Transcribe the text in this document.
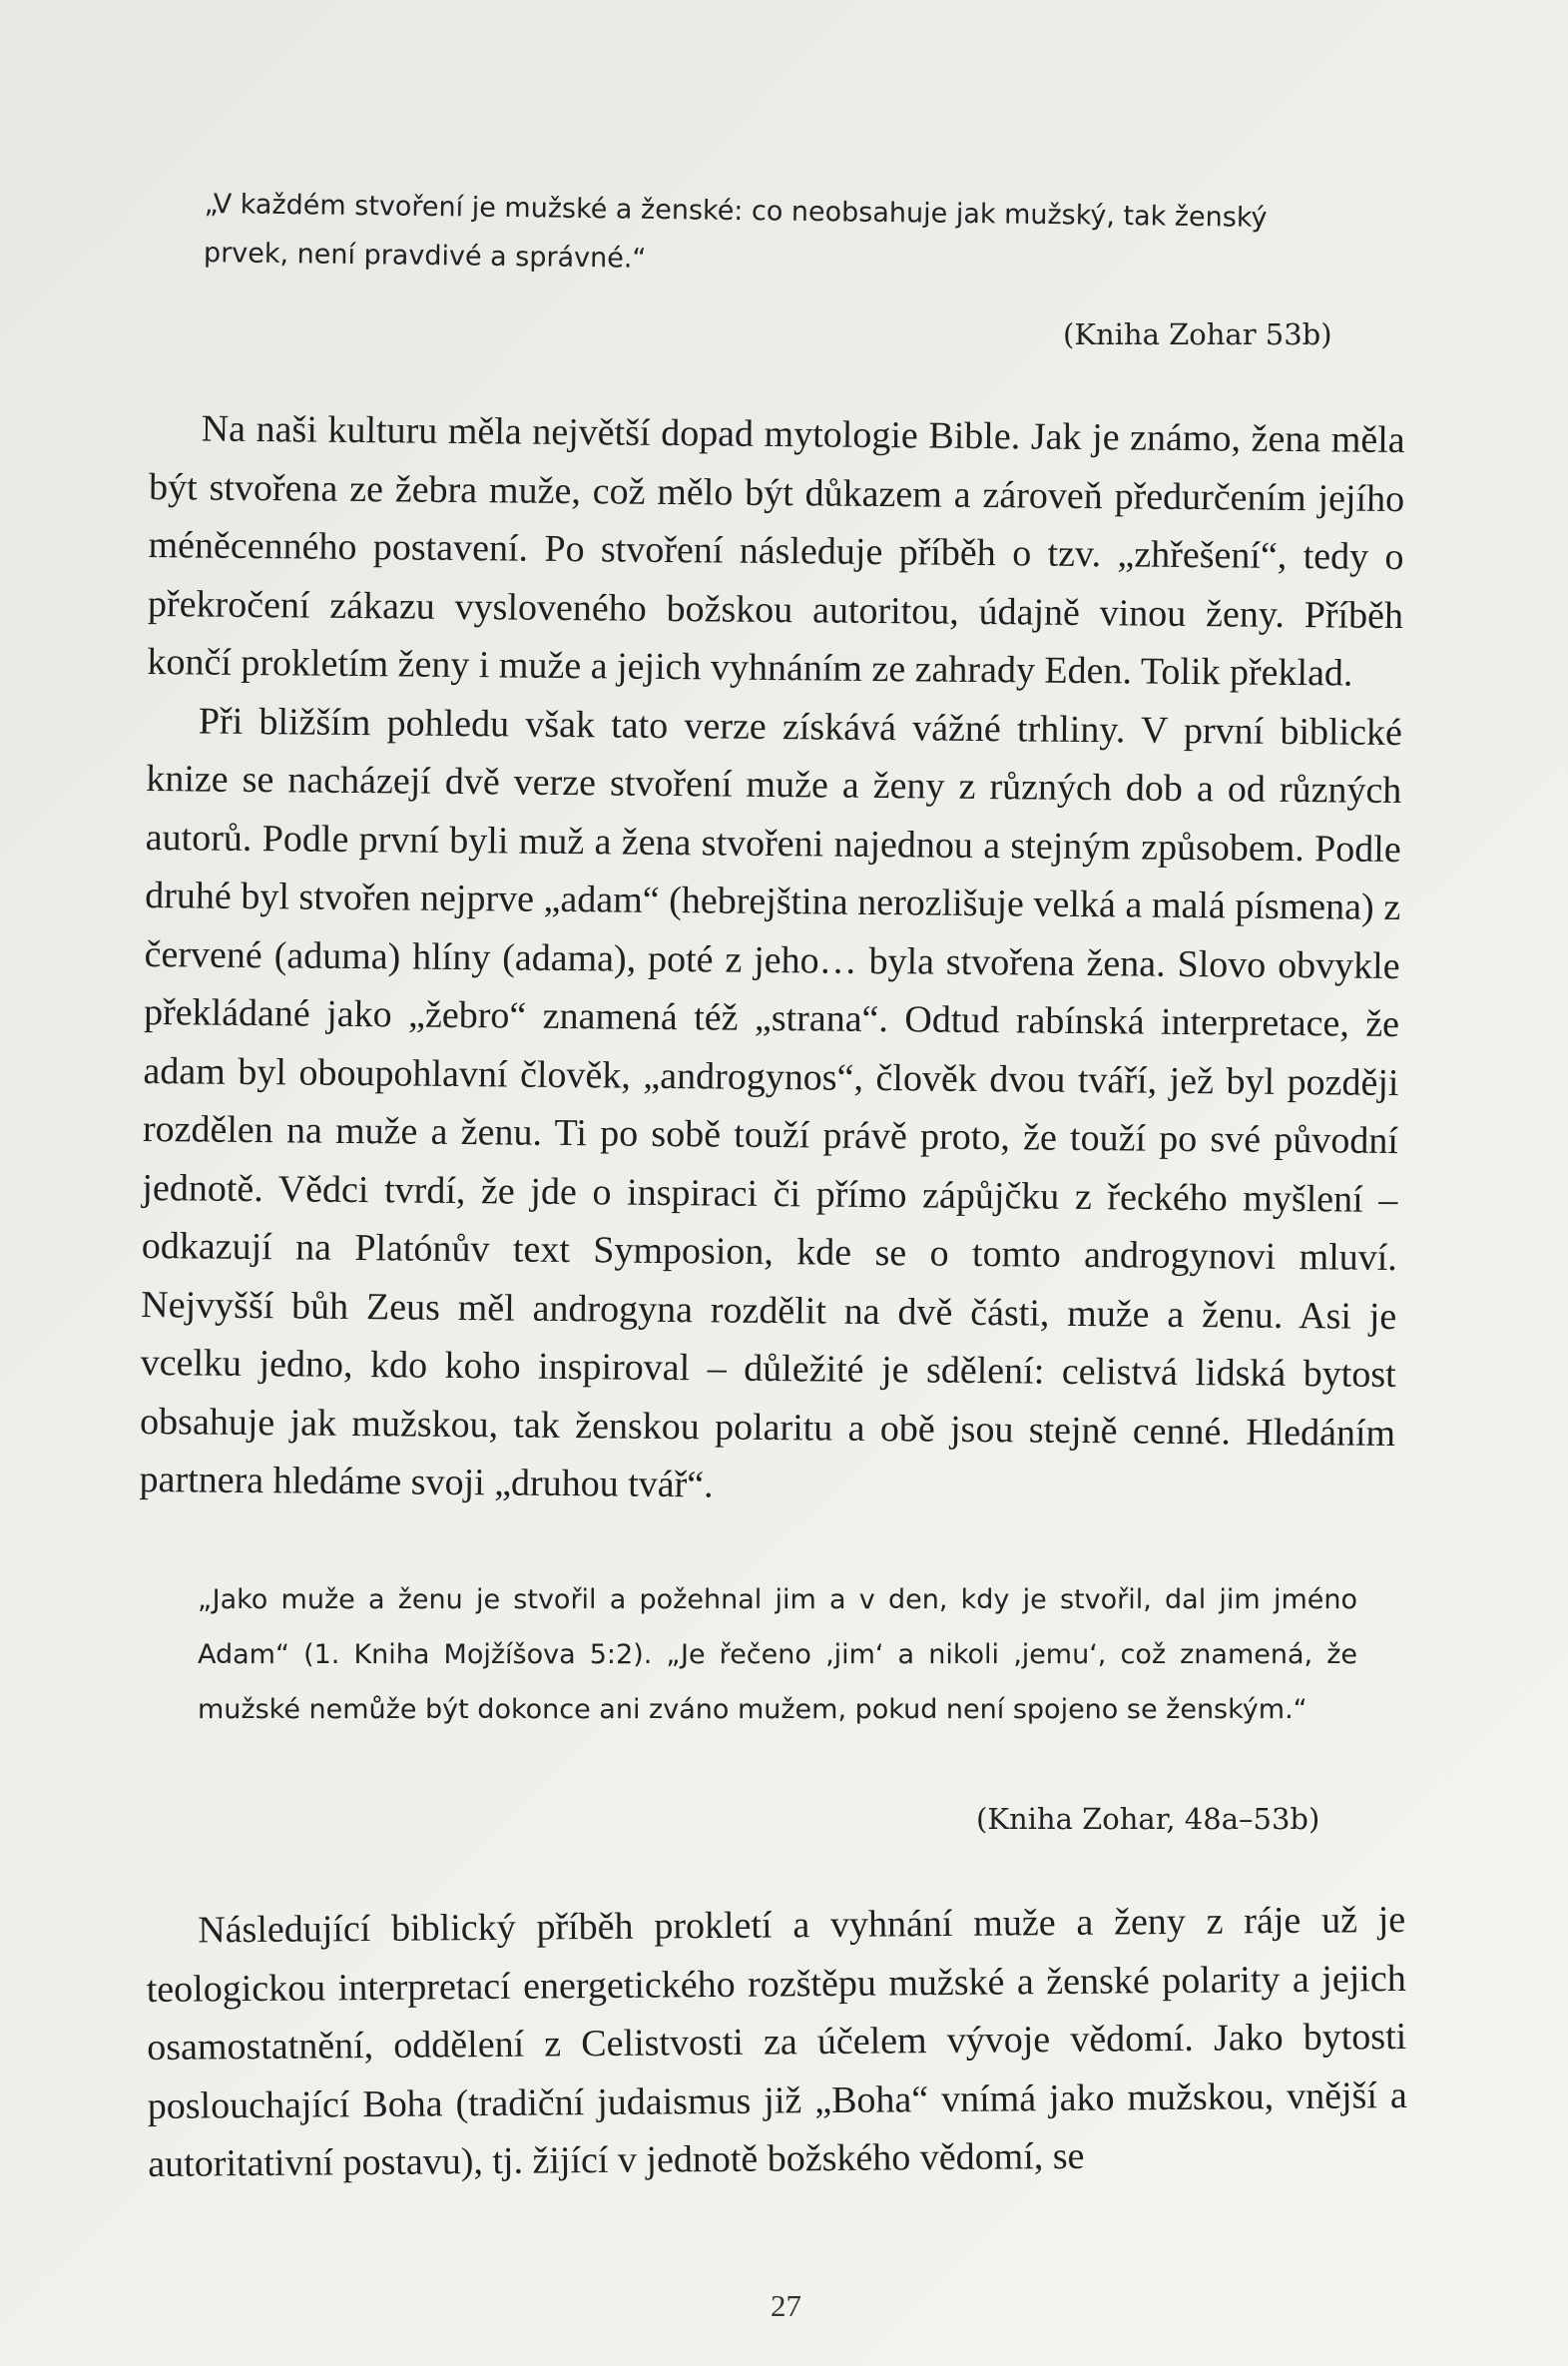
„V každém stvoření je mužské a ženské: co neobsahuje jak mužský, tak ženský prvek, není pravdivé a správné.“

(Kniha Zohar 53b)

Na naši kulturu měla největší dopad mytologie Bible. Jak je známo, žena měla být stvořena ze žebra muže, což mělo být důkazem a zároveň předurčením jejího méněcenného postavení. Po stvoření následuje příběh o tzv. „zhřešení“, tedy o překročení zákazu vysloveného božskou autoritou, údajně vinou ženy. Příběh končí prokletím ženy i muže a jejich vyhnáním ze zahrady Eden. Tolik překlad.

Při bližším pohledu však tato verze získává vážné trhliny. V první biblické knize se nacházejí dvě verze stvoření muže a ženy z různých dob a od různých autorů. Podle první byli muž a žena stvořeni najednou a stejným způsobem. Podle druhé byl stvořen nejprve „adam“ (hebrejština nerozlišuje velká a malá písmena) z červené (aduma) hlíny (adama), poté z jeho… byla stvořena žena. Slovo obvykle překládané jako „žebro“ znamená též „strana“. Odtud rabínská interpretace, že adam byl oboupohlavní člověk, „androgynos“, člověk dvou tváří, jež byl později rozdělen na muže a ženu. Ti po sobě touží právě proto, že touží po své původní jednotě. Vědci tvrdí, že jde o inspiraci či přímo zápůjčku z řeckého myšlení – odkazují na Platónův text Symposion, kde se o tomto androgynovi mluví. Nejvyšší bůh Zeus měl androgyna rozdělit na dvě části, muže a ženu. Asi je vcelku jedno, kdo koho inspiroval – důležité je sdělení: celistvá lidská bytost obsahuje jak mužskou, tak ženskou polaritu a obě jsou stejně cenné. Hledáním partnera hledáme svoji „druhou tvář“.

„Jako muže a ženu je stvořil a požehnal jim a v den, kdy je stvořil, dal jim jméno Adam“ (1. Kniha Mojžíšova 5:2). „Je řečeno ‚jim‘ a nikoli ‚jemu‘, což znamená, že mužské nemůže být dokonce ani zváno mužem, pokud není spojeno se ženským.“

(Kniha Zohar, 48a–53b)

Následující biblický příběh prokletí a vyhnání muže a ženy z ráje už je teologickou interpretací energetického rozštěpu mužské a ženské polarity a jejich osamostatnění, oddělení z Celistvosti za účelem vývoje vědomí. Jako bytosti poslouchající Boha (tradiční judaismus již „Boha“ vnímá jako mužskou, vnější a autoritativní postavu), tj. žijící v jednotě božského vědomí, se

27
